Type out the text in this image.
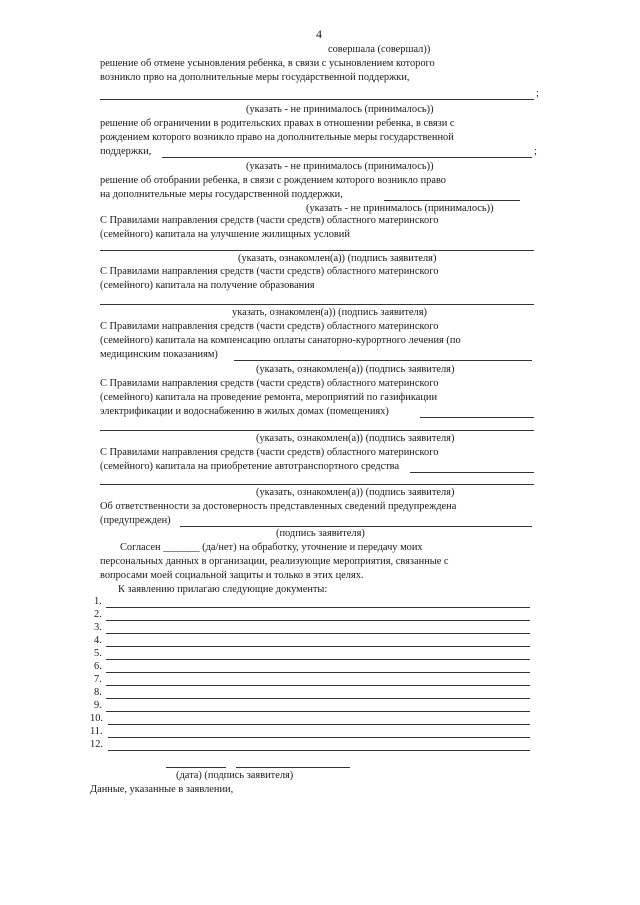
4
совершала (совершал))
решение об отмене усыновления ребенка, в связи с усыновлением которого
возникло прво на дополнительные меры государственной поддержки,
;
(указать - не принималось (принималось))
решение об ограничении в родительских правах в отношении ребенка, в связи с
рождением которого возникло право на дополнительные меры государственной
поддержки,	;
(указать - не принималось (принималось))
решение об отобрании ребенка, в связи с рождением которого возникло право
на дополнительные меры государственной поддержки,
(указать - не принималось (принималось))
С Правилами направления средств (части средств) областного материнского
(семейного) капитала на улучшение жилищных условий
(указать, ознакомлен(а)) (подпись заявителя)
С Правилами направления средств (части средств) областного материнского
(семейного) капитала на получение образования
указать, ознакомлен(а)) (подпись заявителя)
С Правилами направления средств (части средств) областного материнского
(семейного) капитала на компенсацию оплаты санаторно-курортного лечения (по
медицинским показаниям)
(указать, ознакомлен(а)) (подпись заявителя)
С Правилами направления средств (части средств) областного материнского
(семейного) капитала на проведение ремонта, мероприятий по газификации
электрификации и водоснабжению в жилых домах (помещениях)
(указать, ознакомлен(а)) (подпись заявителя)
С Правилами направления средств (части средств) областного материнского
(семейного) капитала на приобретение автотранспортного средства
(указать, ознакомлен(а)) (подпись заявителя)
Об ответственности за достоверность представленных сведений предупреждена
(предупрежден)
(подпись заявителя)
Согласен _______ (да/нет) на обработку, уточнение и передачу моих
персональных данных в организации, реализующие мероприятия, связанные с
вопросами моей социальной защиты и только в этих целях.
К заявлению прилагаю следующие документы:
1.
2.
3.
4.
5.
6.
7.
8.
9.
10.
11.
12.
(дата) (подпись заявителя)
Данные, указанные в заявлении,
